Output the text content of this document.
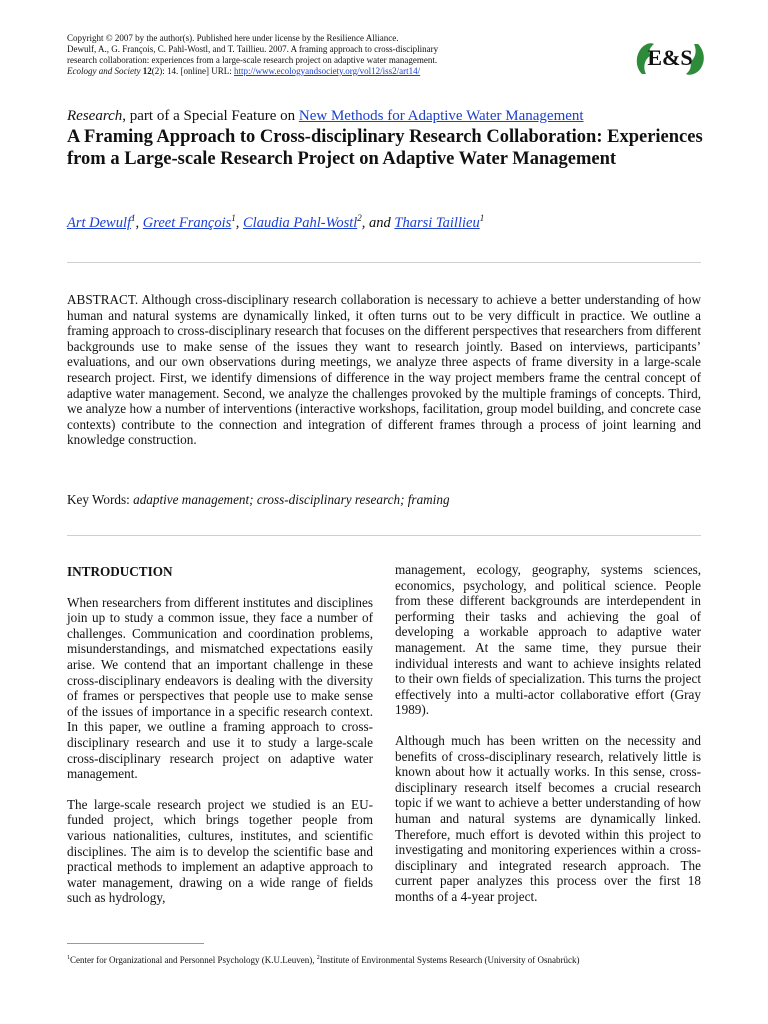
Copyright © 2007 by the author(s). Published here under license by the Resilience Alliance.
Dewulf, A., G. François, C. Pahl-Wostl, and T. Taillieu. 2007. A framing approach to cross-disciplinary
research collaboration: experiences from a large-scale research project on adaptive water management.
Ecology and Society 12(2): 14. [online] URL: http://www.ecologyandsociety.org/vol12/iss2/art14/
E&S
Research, part of a Special Feature on New Methods for Adaptive Water Management
A Framing Approach to Cross-disciplinary Research Collaboration: Experiences from a Large-scale Research Project on Adaptive Water Management
Art Dewulf$^1$, Greet François$^1$, Claudia Pahl-Wostl$^2$, and Tharsi Taillieu$^1$

ABSTRACT. Although cross-disciplinary research collaboration is necessary to achieve a better understanding of how human and natural systems are dynamically linked, it often turns out to be very difficult in practice. We outline a framing approach to cross-disciplinary research that focuses on the different perspectives that researchers from different backgrounds use to make sense of the issues they want to research jointly. Based on interviews, participants’ evaluations, and our own observations during meetings, we analyze three aspects of frame diversity in a large-scale research project. First, we identify dimensions of difference in the way project members frame the central concept of adaptive water management. Second, we analyze the challenges provoked by the multiple framings of concepts. Third, we analyze how a number of interventions (interactive workshops, facilitation, group model building, and concrete case contexts) contribute to the connection and integration of different frames through a process of joint learning and knowledge construction.

Key Words: adaptive management; cross-disciplinary research; framing
INTRODUCTION

When researchers from different institutes and disciplines join up to study a common issue, they face a number of challenges. Communication and coordination problems, misunderstandings, and mismatched expectations easily arise. We contend that an important challenge in these cross-disciplinary endeavors is dealing with the diversity of frames or perspectives that people use to make sense of the issues of importance in a specific research context. In this paper, we outline a framing approach to cross-disciplinary research and use it to study a large-scale cross-disciplinary research project on adaptive water management.

The large-scale research project we studied is an EU-funded project, which brings together people from various nationalities, cultures, institutes, and scientific disciplines. The aim is to develop the scientific base and practical methods to implement an adaptive approach to water management, drawing on a wide range of fields such as hydrology,

management, ecology, geography, systems sciences, economics, psychology, and political science. People from these different backgrounds are interdependent in performing their tasks and achieving the goal of developing a workable approach to adaptive water management. At the same time, they pursue their individual interests and want to achieve insights related to their own fields of specialization. This turns the project effectively into a multi-actor collaborative effort (Gray 1989).

Although much has been written on the necessity and benefits of cross-disciplinary research, relatively little is known about how it actually works. In this sense, cross-disciplinary research itself becomes a crucial research topic if we want to achieve a better understanding of how human and natural systems are dynamically linked. Therefore, much effort is devoted within this project to investigating and monitoring experiences within a cross-disciplinary and integrated research approach. The current paper analyzes this process over the first 18 months of a 4-year project.

$^1$Center for Organizational and Personnel Psychology (K.U.Leuven), $^2$Institute of Environmental Systems Research (University of Osnabrück)
